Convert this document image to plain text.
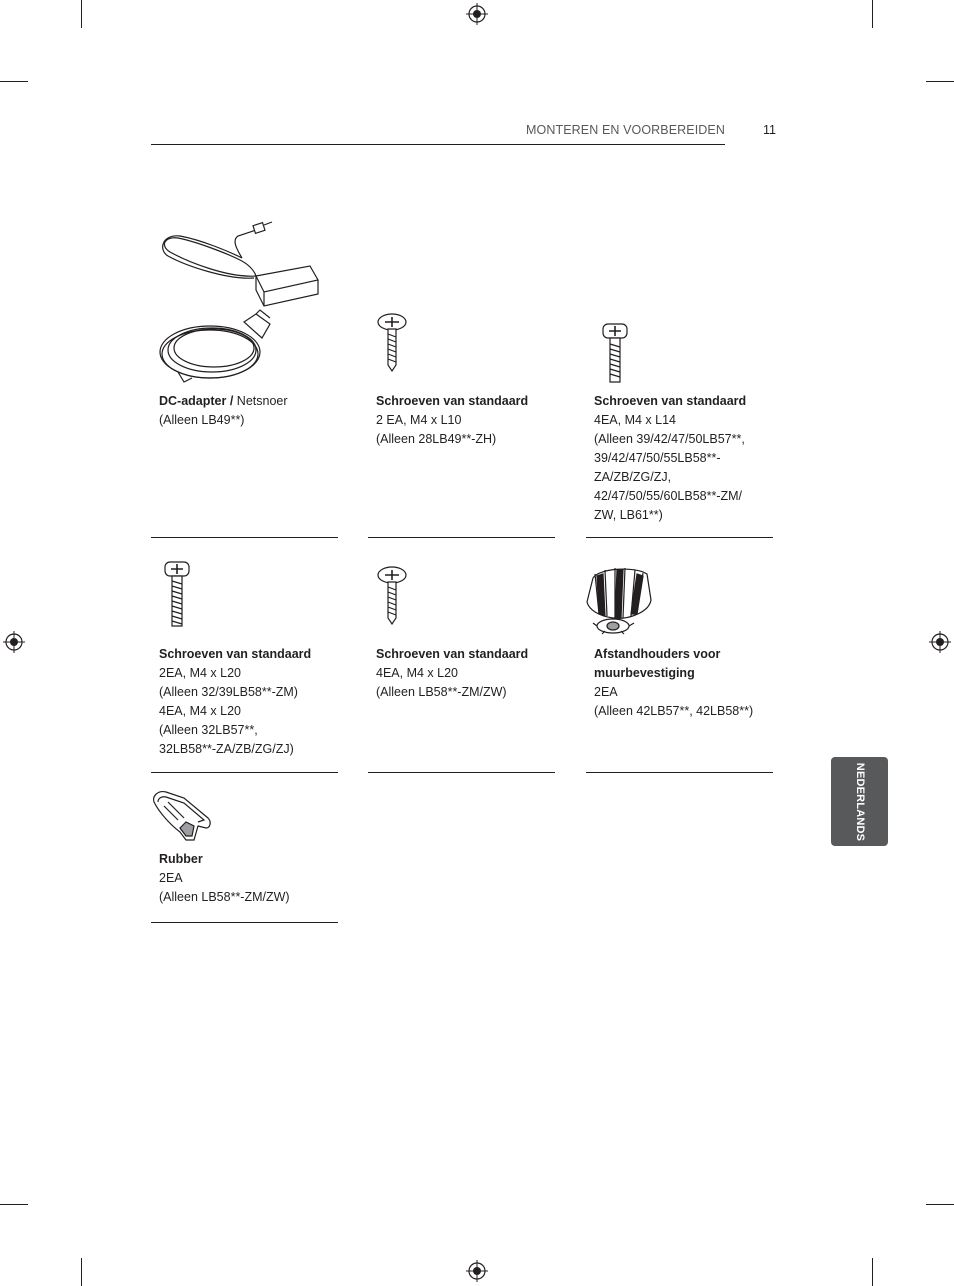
MONTEREN EN VOORBEREIDEN	11
DC-adapter / Netsnoer
(Alleen LB49**)
Schroeven van standaard
2 EA, M4 x L10
(Alleen 28LB49**-ZH)
Schroeven van standaard
4EA, M4 x L14
(Alleen 39/42/47/50LB57**,
39/42/47/50/55LB58**-
ZA/ZB/ZG/ZJ,
42/47/50/55/60LB58**-ZM/
ZW, LB61**)
Schroeven van standaard
2EA, M4 x L20
(Alleen 32/39LB58**-ZM)
4EA, M4 x L20
(Alleen 32LB57**,
32LB58**-ZA/ZB/ZG/ZJ)
Schroeven van standaard
4EA, M4 x L20
(Alleen LB58**-ZM/ZW)
Afstandhouders voor
muurbevestiging
2EA
(Alleen 42LB57**, 42LB58**)
Rubber
2EA
(Alleen LB58**-ZM/ZW)
NEDERLANDS
